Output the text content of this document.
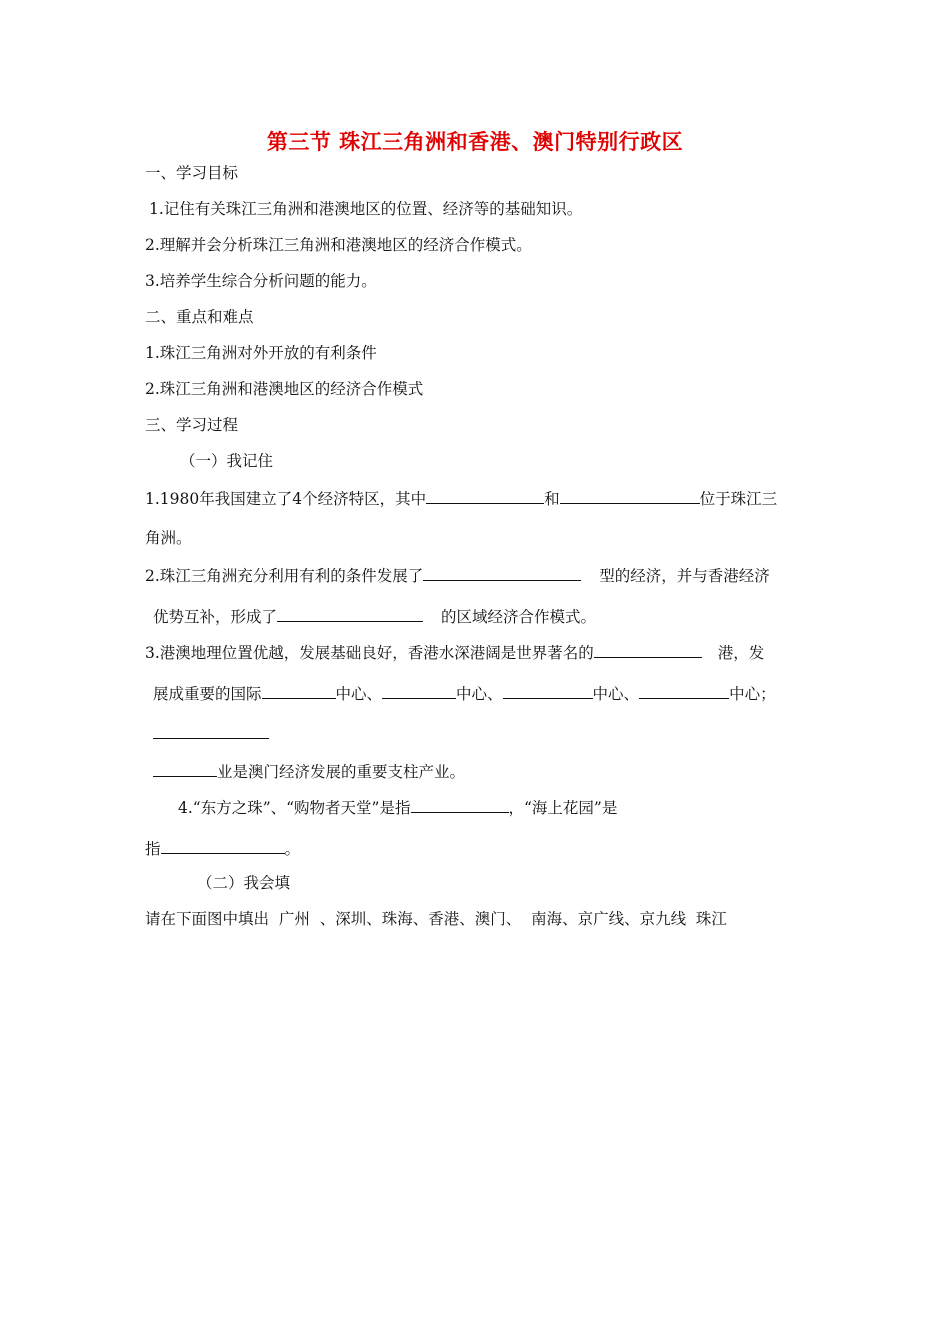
第三节 珠江三角洲和香港、澳门特别行政区
一、学习目标
1.记住有关珠江三角洲和港澳地区的位置、经济等的基础知识。
2.理解并会分析珠江三角洲和港澳地区的经济合作模式。
3.培养学生综合分析问题的能力。
二、重点和难点
1.珠江三角洲对外开放的有利条件
2.珠江三角洲和港澳地区的经济合作模式
三、学习过程
（一）我记住
1.1980年我国建立了4个经济特区，其中	和	位于珠江三
角洲。
2.珠江三角洲充分利用有利的条件发展了	型的经济，并与香港经济
优势互补，形成了	的区域经济合作模式。
3.港澳地理位置优越，发展基础良好，香港水深港阔是世界著名的	港，发
展成重要的国际	中心、	中心、	中心、	中心；
业是澳门经济发展的重要支柱产业。
4.“东方之珠”、“购物者天堂”是指	，“海上花园”是
指	。
（二）我会填
请在下面图中填出  广州  、深圳、珠海、香港、澳门、  南海、京广线、京九线  珠江
